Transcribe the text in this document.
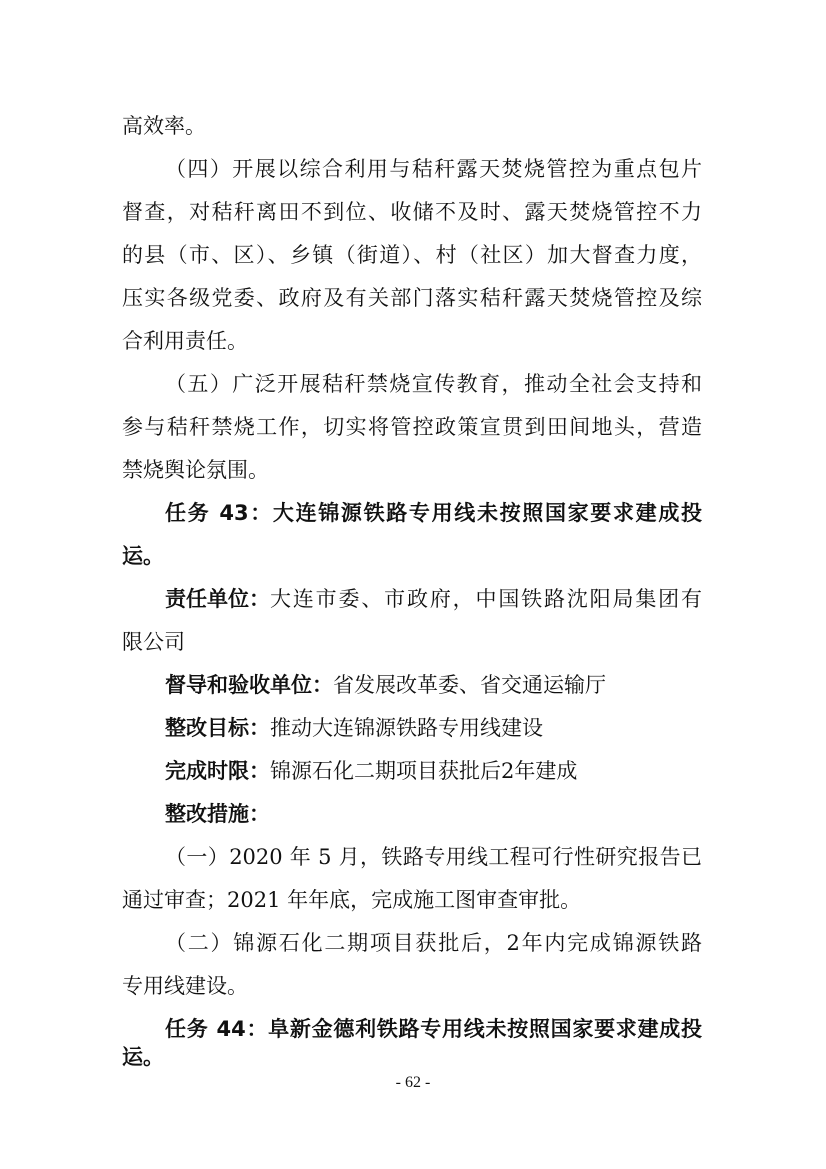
高效率。
（四）开展以综合利用与秸秆露天焚烧管控为重点包片
督查，对秸秆离田不到位、收储不及时、露天焚烧管控不力
的县（市、区）、乡镇（街道）、村（社区）加大督查力度，
压实各级党委、政府及有关部门落实秸秆露天焚烧管控及综
合利用责任。
（五）广泛开展秸秆禁烧宣传教育，推动全社会支持和
参与秸秆禁烧工作，切实将管控政策宣贯到田间地头，营造
禁烧舆论氛围。
任务 43：大连锦源铁路专用线未按照国家要求建成投
运。
责任单位： 大连市委、市政府，中国铁路沈阳局集团有
限公司
督导和验收单位：省发展改革委、省交通运输厅
整改目标：推动大连锦源铁路专用线建设
完成时限：锦源石化二期项目获批后2年建成
整改措施：
（一）2020 年 5 月，铁路专用线工程可行性研究报告已
通过审查；2021 年年底，完成施工图审查审批。
（二）锦源石化二期项目获批后，2年内完成锦源铁路
专用线建设。
任务 44：阜新金德利铁路专用线未按照国家要求建成投
运。
- 62 -
